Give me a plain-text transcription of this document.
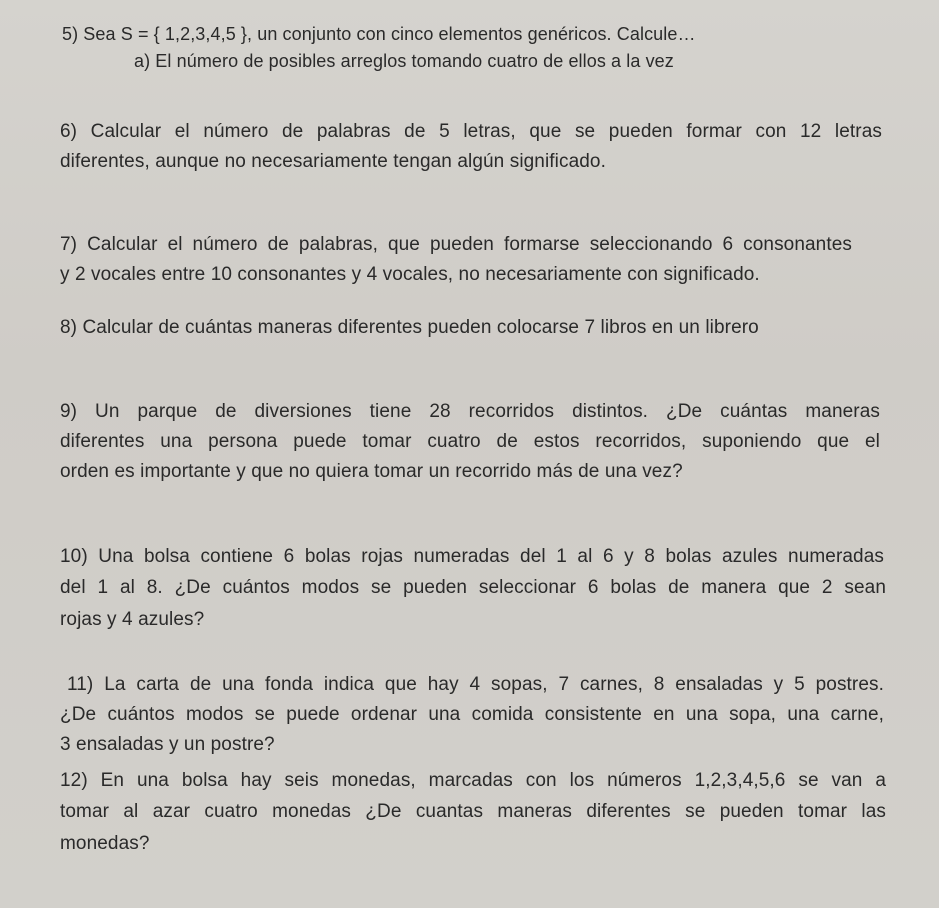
5) Sea S = { 1,2,3,4,5 }, un conjunto con cinco elementos genéricos. Calcule…
a) El número de posibles arreglos tomando cuatro de ellos a la vez
6) Calcular el número de palabras de 5 letras, que se pueden formar con 12 letras
diferentes, aunque no necesariamente tengan algún significado.
7) Calcular el número de palabras, que pueden formarse seleccionando 6 consonantes
y 2 vocales entre 10 consonantes y 4 vocales, no necesariamente con significado.
8) Calcular de cuántas maneras diferentes pueden colocarse 7 libros en un librero
9) Un parque de diversiones tiene 28 recorridos distintos. ¿De cuántas maneras
diferentes una persona puede tomar cuatro de estos recorridos, suponiendo que el
orden es importante y que no quiera tomar un recorrido más de una vez?
10) Una bolsa contiene 6 bolas rojas numeradas del 1 al 6 y 8 bolas azules numeradas
del 1 al 8. ¿De cuántos modos se pueden seleccionar 6 bolas de manera que 2 sean
rojas y 4 azules?
11) La carta de una fonda indica que hay 4 sopas, 7 carnes, 8 ensaladas y 5 postres.
¿De cuántos modos se puede ordenar una comida consistente en una sopa, una carne,
3 ensaladas y un postre?
12) En una bolsa hay seis monedas, marcadas con los números 1,2,3,4,5,6 se van a
tomar al azar cuatro monedas ¿De cuantas maneras diferentes se pueden tomar las
monedas?
